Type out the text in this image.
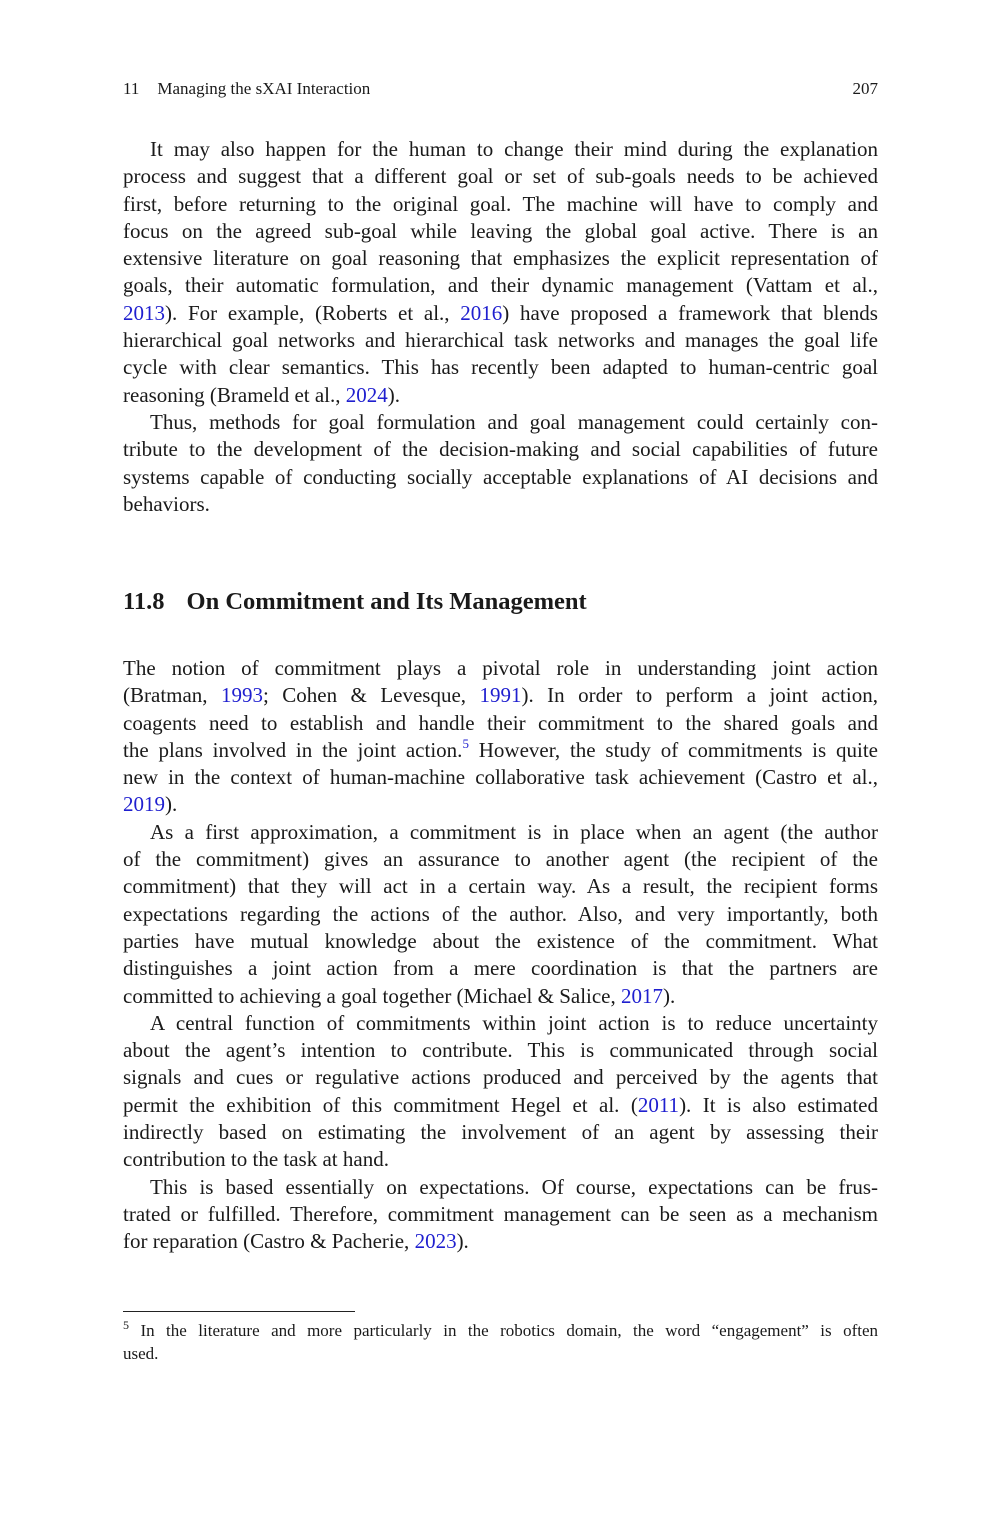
11 Managing the sXAI Interaction	207
It may also happen for the human to change their mind during the explanation
process and suggest that a different goal or set of sub-goals needs to be achieved
first, before returning to the original goal. The machine will have to comply and
focus on the agreed sub-goal while leaving the global goal active. There is an
extensive literature on goal reasoning that emphasizes the explicit representation of
goals, their automatic formulation, and their dynamic management (Vattam et al.,
2013). For example, (Roberts et al., 2016) have proposed a framework that blends
hierarchical goal networks and hierarchical task networks and manages the goal life
cycle with clear semantics. This has recently been adapted to human-centric goal
reasoning (Brameld et al., 2024).
Thus, methods for goal formulation and goal management could certainly con-
tribute to the development of the decision-making and social capabilities of future
systems capable of conducting socially acceptable explanations of AI decisions and
behaviors.
11.8 On Commitment and Its Management
The notion of commitment plays a pivotal role in understanding joint action
(Bratman, 1993; Cohen & Levesque, 1991). In order to perform a joint action,
coagents need to establish and handle their commitment to the shared goals and
the plans involved in the joint action.$^5$ However, the study of commitments is quite
new in the context of human-machine collaborative task achievement (Castro et al.,
2019).
As a first approximation, a commitment is in place when an agent (the author
of the commitment) gives an assurance to another agent (the recipient of the
commitment) that they will act in a certain way. As a result, the recipient forms
expectations regarding the actions of the author. Also, and very importantly, both
parties have mutual knowledge about the existence of the commitment. What
distinguishes a joint action from a mere coordination is that the partners are
committed to achieving a goal together (Michael & Salice, 2017).
A central function of commitments within joint action is to reduce uncertainty
about the agent’s intention to contribute. This is communicated through social
signals and cues or regulative actions produced and perceived by the agents that
permit the exhibition of this commitment Hegel et al. (2011). It is also estimated
indirectly based on estimating the involvement of an agent by assessing their
contribution to the task at hand.
This is based essentially on expectations. Of course, expectations can be frus-
trated or fulfilled. Therefore, commitment management can be seen as a mechanism
for reparation (Castro & Pacherie, 2023).
$^5$ In the literature and more particularly in the robotics domain, the word “engagement” is often
used.
